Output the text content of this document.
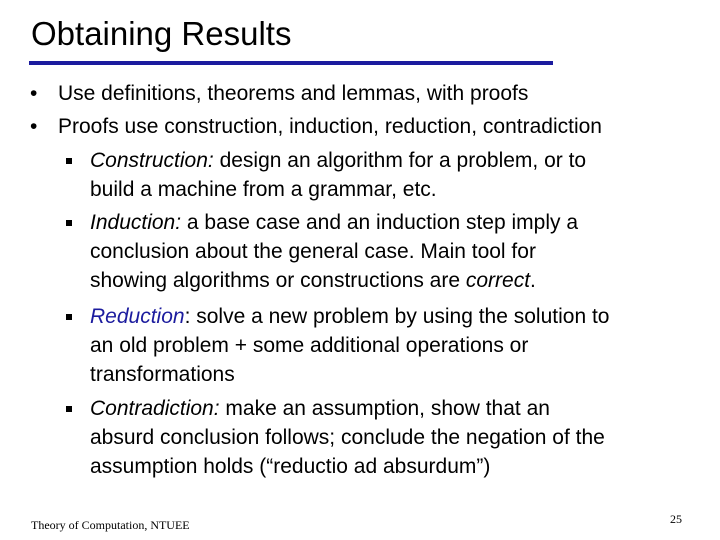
Obtaining Results
• Use definitions, theorems and lemmas, with proofs
• Proofs use construction, induction, reduction, contradiction
Construction: design an algorithm for a problem, or to
build a machine from a grammar, etc.
Induction: a base case and an induction step imply a
conclusion about the general case. Main tool for
showing algorithms or constructions are correct.
Reduction: solve a new problem by using the solution to
an old problem + some additional operations or
transformations
Contradiction: make an assumption, show that an
absurd conclusion follows; conclude the negation of the
assumption holds (“reductio ad absurdum”)
Theory of Computation, NTUEE	25
